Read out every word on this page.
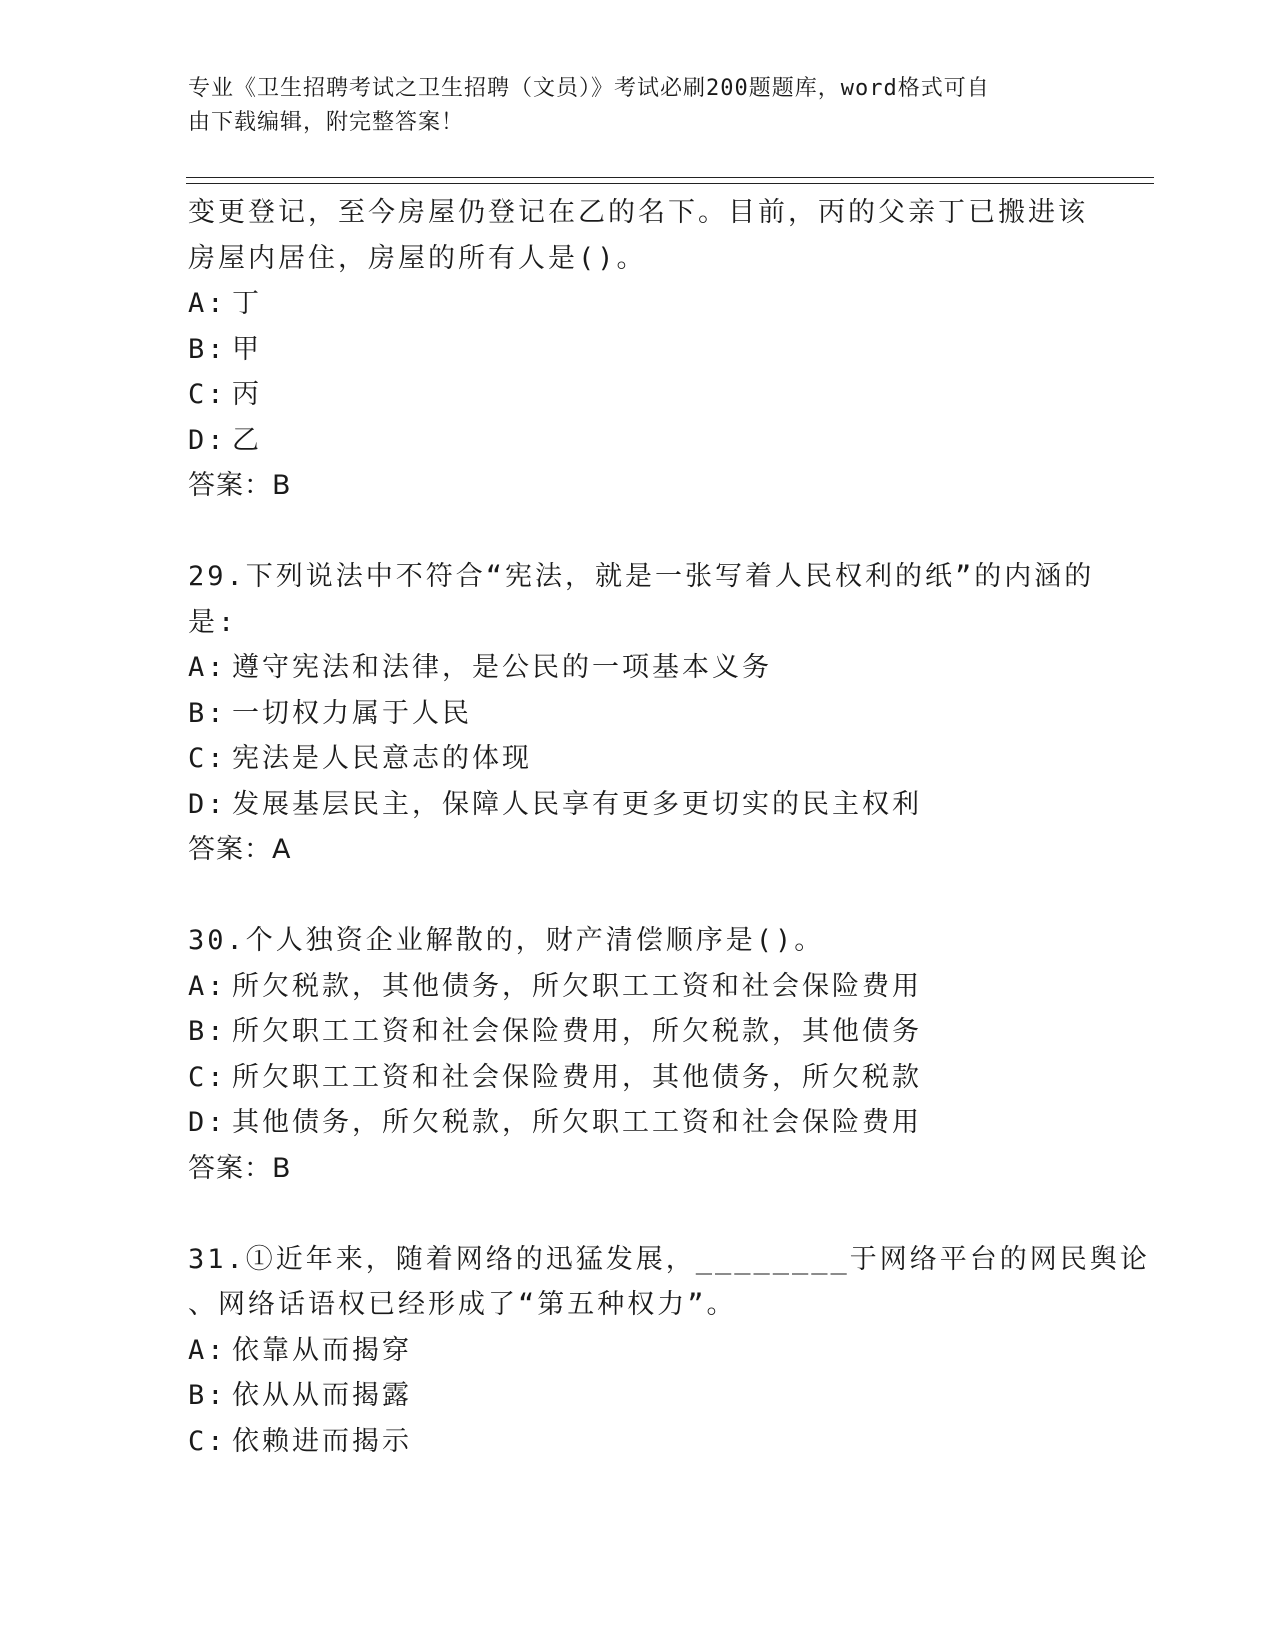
专业《卫生招聘考试之卫生招聘（文员）》考试必刷200题题库，word格式可自
由下载编辑，附完整答案！
变更登记，至今房屋仍登记在乙的名下。目前，丙的父亲丁已搬进该
房屋内居住，房屋的所有人是()。
A: 丁
B: 甲
C: 丙
D: 乙
答案：B
29.下列说法中不符合“宪法，就是一张写着人民权利的纸”的内涵的
是:
A: 遵守宪法和法律，是公民的一项基本义务
B: 一切权力属于人民
C: 宪法是人民意志的体现
D: 发展基层民主，保障人民享有更多更切实的民主权利
答案：A
30.个人独资企业解散的，财产清偿顺序是()。
A: 所欠税款，其他债务，所欠职工工资和社会保险费用
B: 所欠职工工资和社会保险费用，所欠税款，其他债务
C: 所欠职工工资和社会保险费用，其他债务，所欠税款
D: 其他债务，所欠税款，所欠职工工资和社会保险费用
答案：B
31.①近年来，随着网络的迅猛发展，________于网络平台的网民舆论
、网络话语权已经形成了“第五种权力”。
A: 依靠从而揭穿
B: 依从从而揭露
C: 依赖进而揭示
